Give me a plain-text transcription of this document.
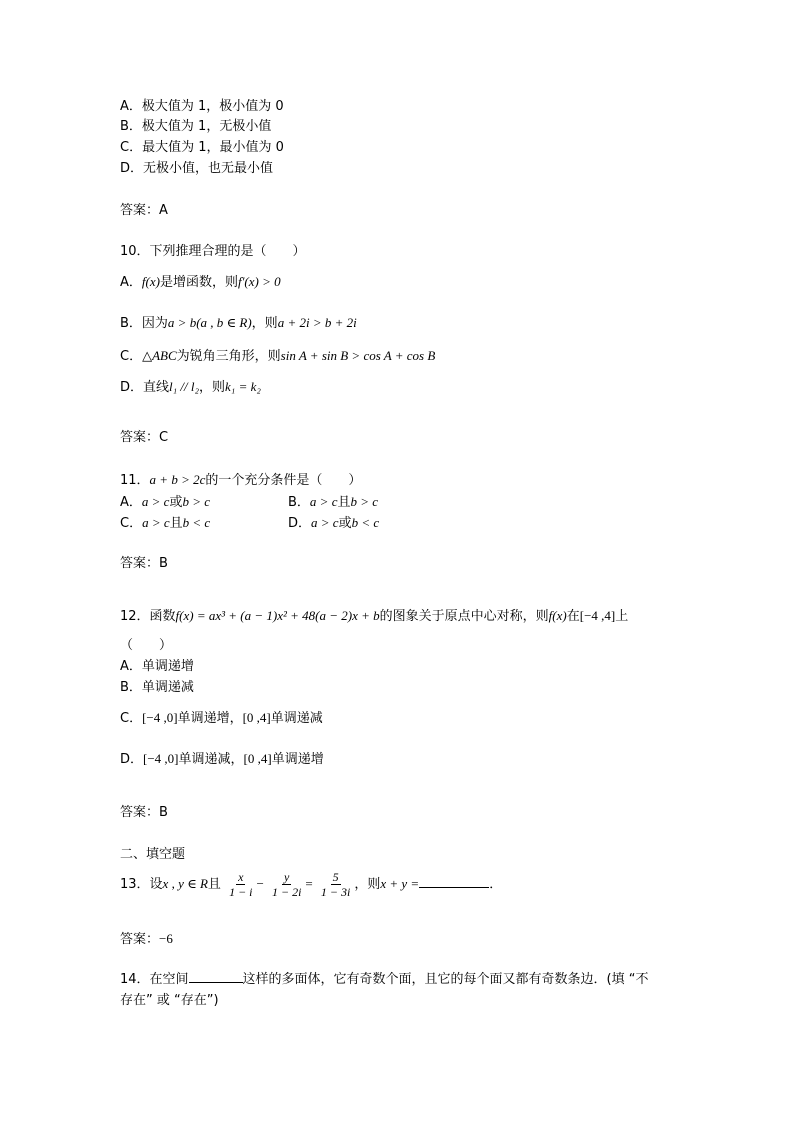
A．极大值为 1，极小值为 0
B．极大值为 1，无极小值
C．最大值为 1，最小值为 0
D．无极小值，也无最小值
答案：A
10．下列推理合理的是（　　）
A．f(x)是增函数，则f′(x) > 0
B．因为a > b(a , b ∈ R)，则a + 2i > b + 2i
C．△ABC为锐角三角形，则sin A + sin B > cos A + cos B
D．直线l₁ // l₂，则k₁ = k₂
答案：C
11．a + b > 2c的一个充分条件是（　　）
A．a > c或b > c	B．a > c且b > c
C．a > c且b < c	D．a > c或b < c
答案：B
12．函数f(x) = ax³ + (a − 1)x² + 48(a − 2)x + b的图象关于原点中心对称，则f(x)在[−4 ,4]上
（　　）
A．单调递增
B．单调递减
C．[−4 ,0]单调递增，[0 ,4]单调递减
D．[−4 ,0]单调递减，[0 ,4]单调递增
答案：B
二、填空题
13．设x , y ∈ R且 $\frac{x}{1 - i} - \frac{y}{1 - 2i} = \frac{5}{1 - 3i}$ ，则x + y =	．
答案：−6
14．在空间	这样的多面体，它有奇数个面，且它的每个面又都有奇数条边．(填 “不
存在” 或 “存在”)
